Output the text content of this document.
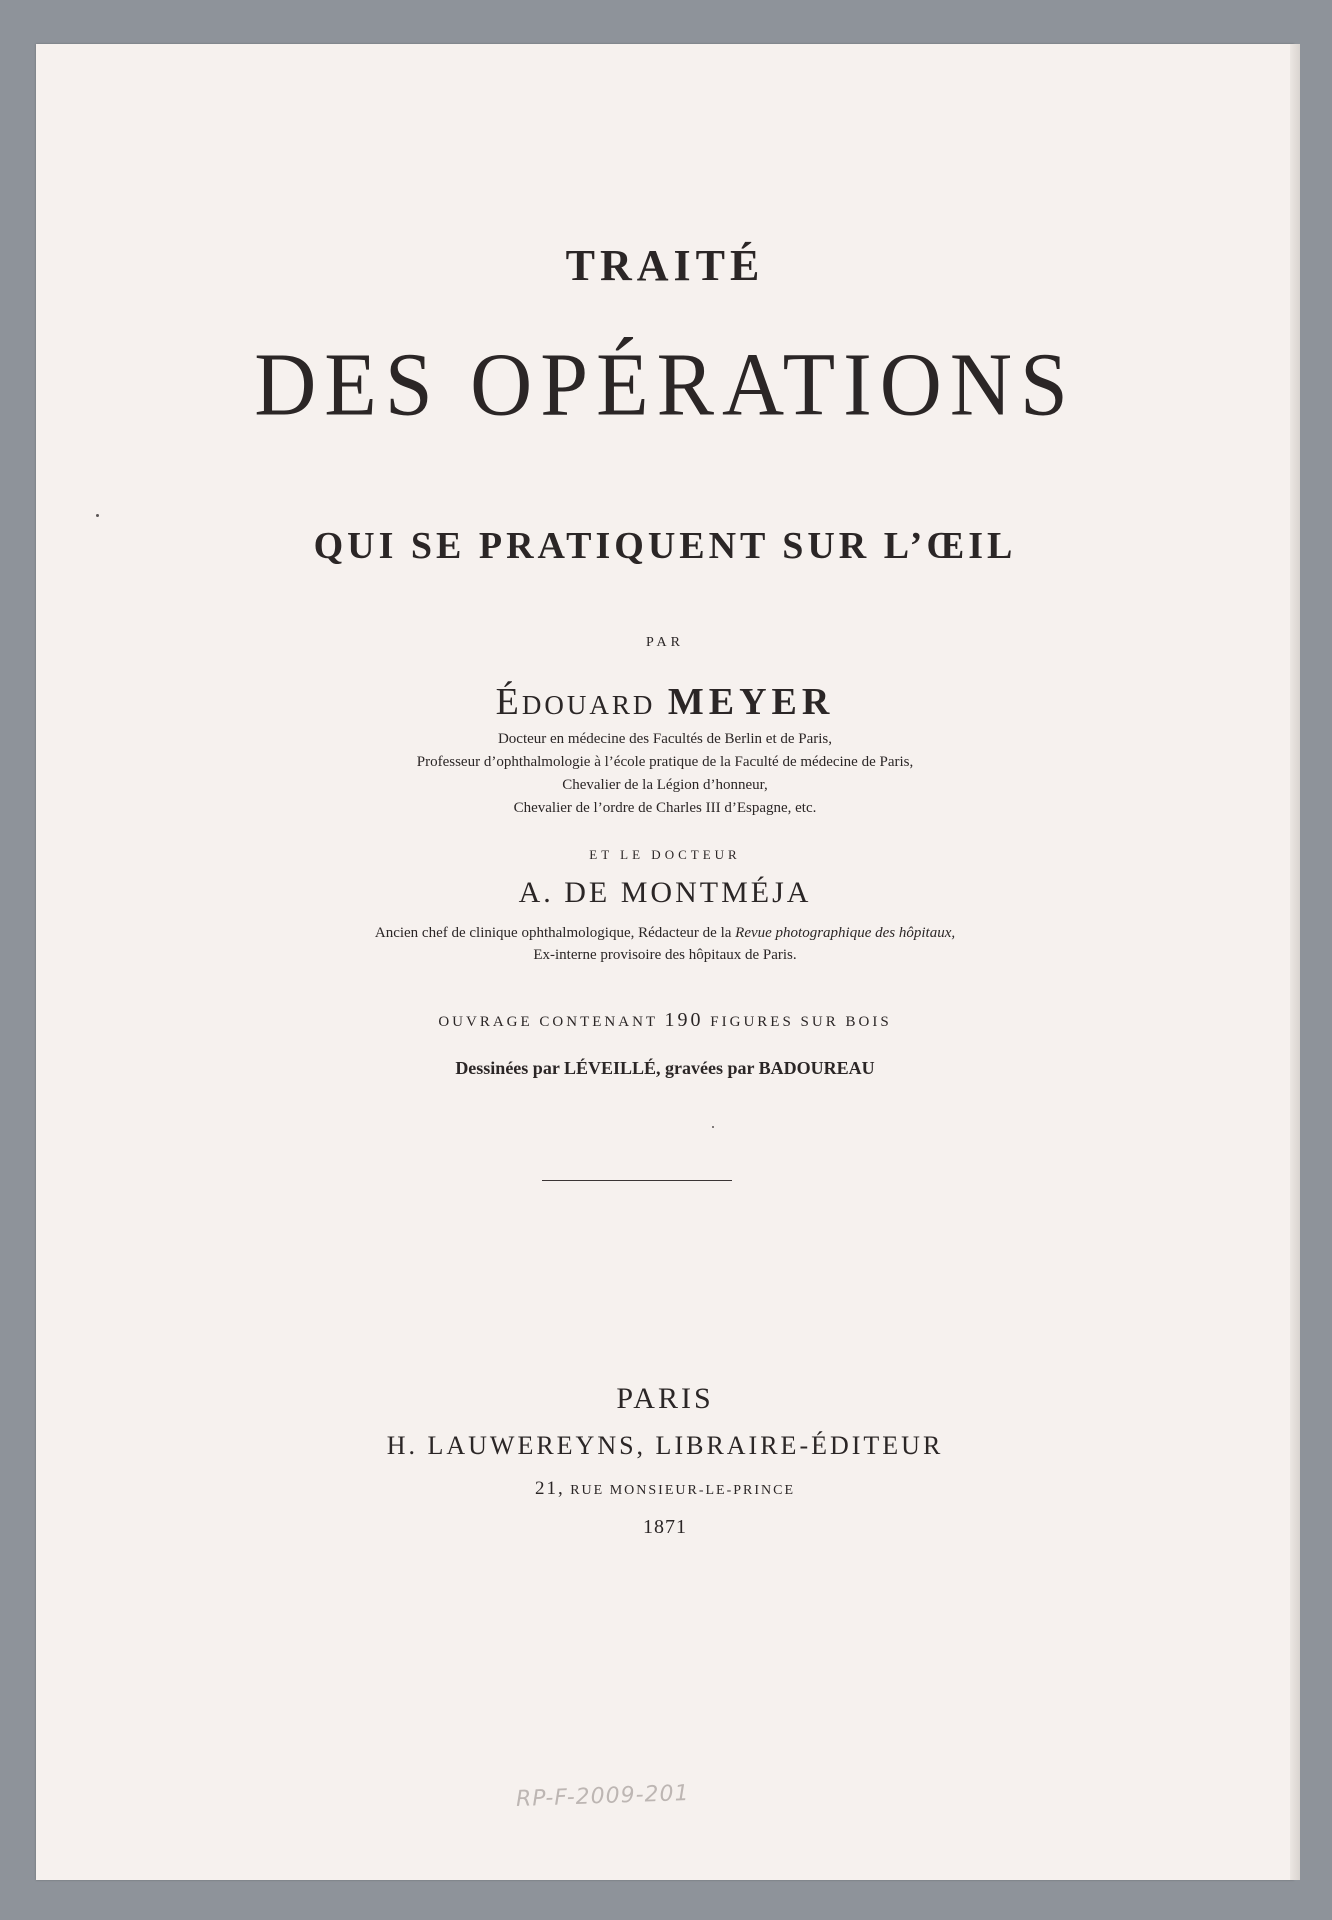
TRAITÉ

DES OPÉRATIONS

QUI SE PRATIQUENT SUR L’ŒIL

PAR

Édouard MEYER

Docteur en médecine des Facultés de Berlin et de Paris,

Professeur d’ophthalmologie à l’école pratique de la Faculté de médecine de Paris,

Chevalier de la Légion d’honneur,

Chevalier de l’ordre de Charles III d’Espagne, etc.

ET LE DOCTEUR

A. DE MONTMÉJA

Ancien chef de clinique ophthalmologique, Rédacteur de la Revue photographique des hôpitaux,

Ex-interne provisoire des hôpitaux de Paris.

OUVRAGE CONTENANT 190 FIGURES SUR BOIS

Dessinées par LÉVEILLÉ, gravées par BADOUREAU

PARIS

H. LAUWEREYNS, LIBRAIRE-ÉDITEUR

21, RUE MONSIEUR-LE-PRINCE

1871

RP-F-2009-201
